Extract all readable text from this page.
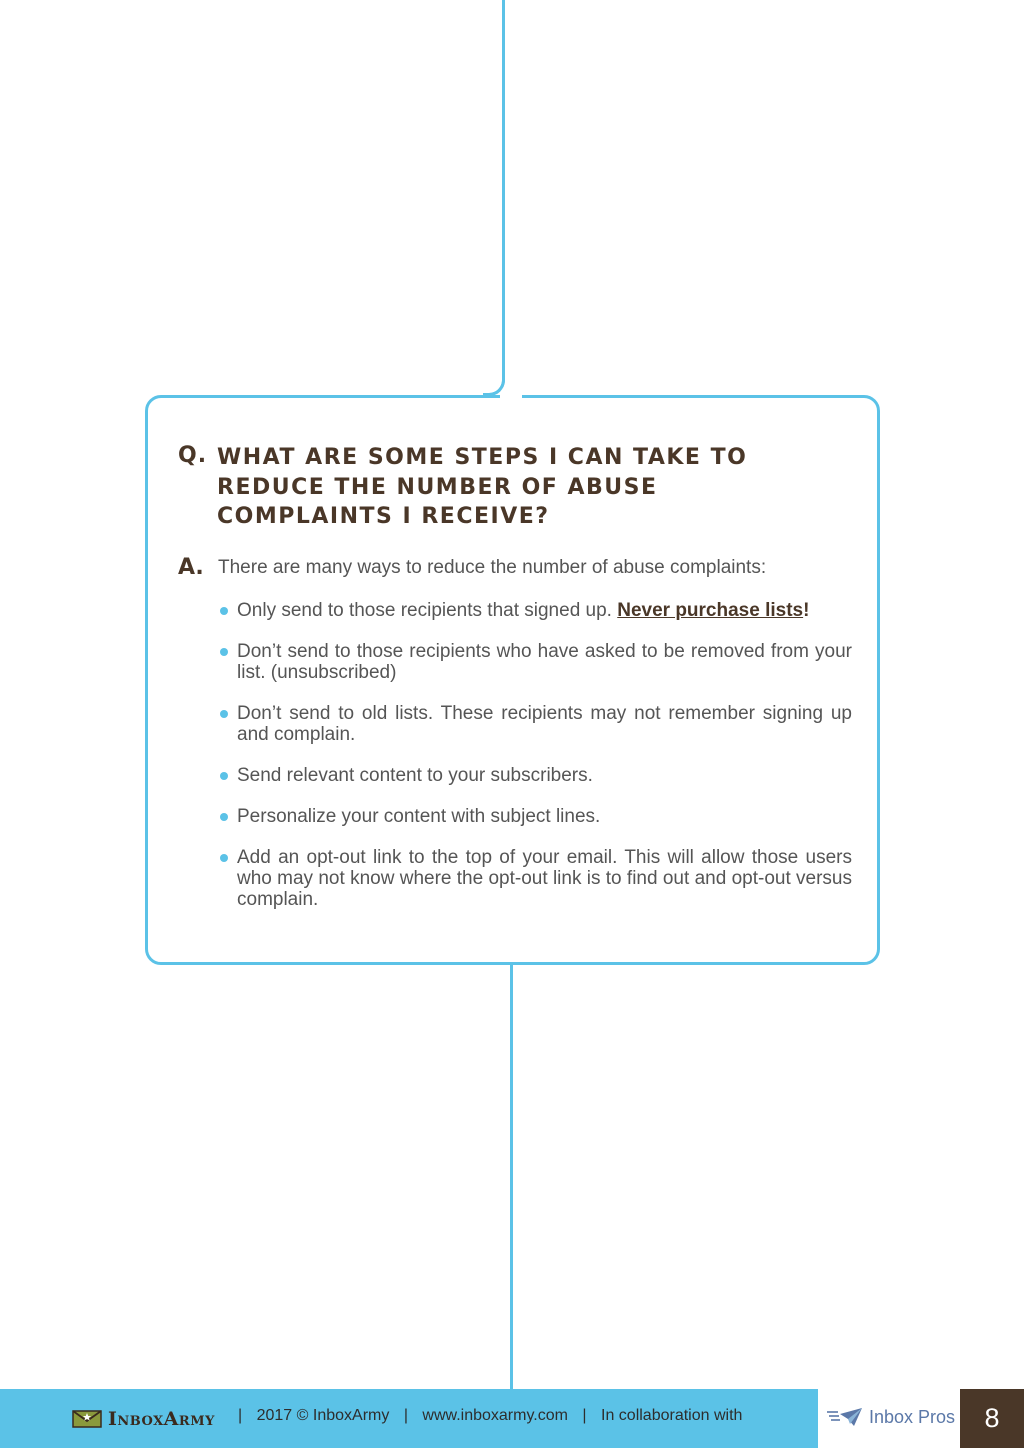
Q. WHAT ARE SOME STEPS I CAN TAKE TO
REDUCE THE NUMBER OF ABUSE
COMPLAINTS I RECEIVE?
A. There are many ways to reduce the number of abuse complaints:
Only send to those recipients that signed up. Never purchase lists!
Don’t send to those recipients who have asked to be removed from your list. (unsubscribed)
Don’t send to old lists. These recipients may not remember signing up and complain.
Send relevant content to your subscribers.
Personalize your content with subject lines.
Add an opt-out link to the top of your email. This will allow those users who may not know where the opt-out link is to find out and opt-out versus complain.
InboxArmy | 2017 © InboxArmy | www.inboxarmy.com | In collaboration with	Inbox Pros	8
